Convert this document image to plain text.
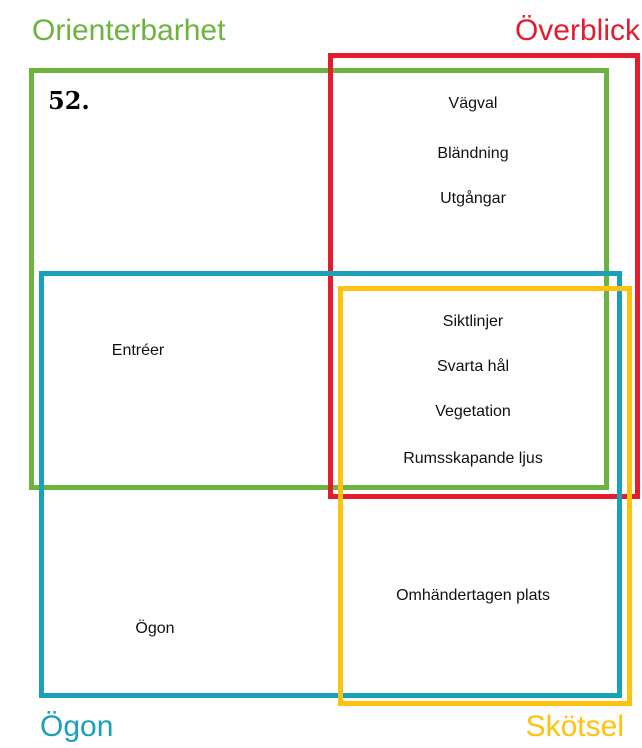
Orienterbarhet	Överblick
Ögon	Skötsel
52.	Vägval
Bländning
Utgångar
Siktlinjer
Svarta hål
Vegetation
Rumsskapande ljus
Entréer
Omhändertagen plats
Ögon
